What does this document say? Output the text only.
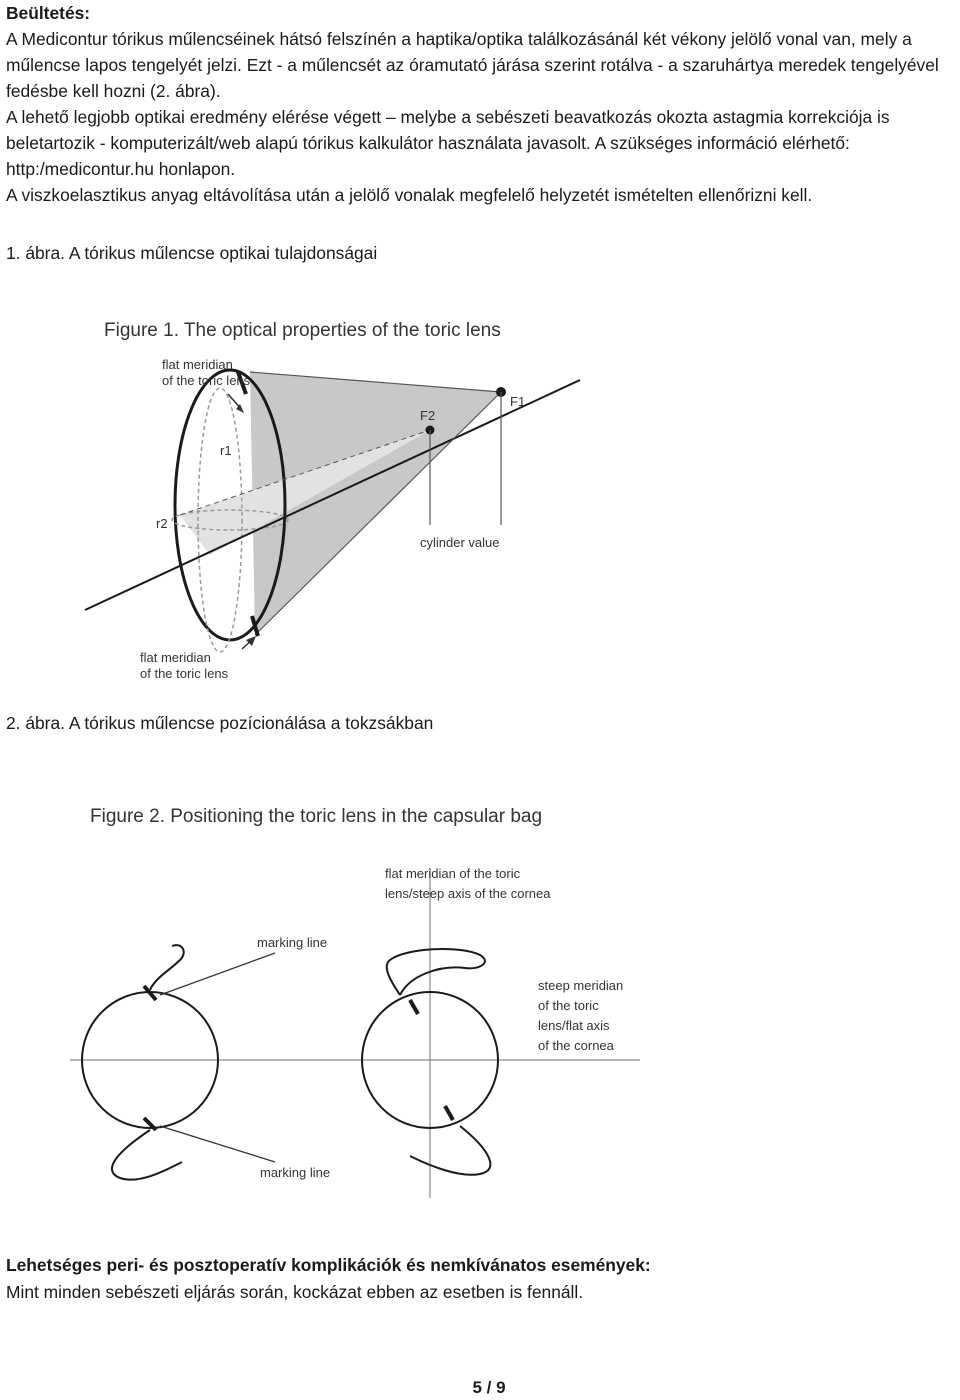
Beültetés:

A Medicontur tórikus műlencséinek hátsó felszínén a haptika/optika találkozásánál két vékony jelölő vonal van, mely a műlencse lapos tengelyét jelzi. Ezt - a műlencsét az óramutató járása szerint rotálva - a szaruhártya meredek tengelyével fedésbe kell hozni (2. ábra).

A lehető legjobb optikai eredmény elérése végett – melybe a sebészeti beavatkozás okozta astagmia korrekciója is beletartozik - komputerizált/web alapú tórikus kalkulátor használata javasolt. A szükséges információ elérhető: http:/medicontur.hu honlapon.

A viszkoelasztikus anyag eltávolítása után a jelölő vonalak megfelelő helyzetét ismételten ellenőrizni kell.

1. ábra. A tórikus műlencse optikai tulajdonságai
Figure 1. The optical properties of the toric lens
F1
F2
cylinder value
r1
r2
flat meridian
of the toric lens
flat meridian
of the toric lens
2. ábra. A tórikus műlencse pozícionálása a tokzsákban
Figure 2. Positioning the toric lens in the capsular bag
flat meridian of the toric
lens/steep axis of the cornea
marking line
marking line
steep meridian
of the toric
lens/flat axis
of the cornea
Lehetséges peri- és posztoperatív komplikációk és nemkívánatos események:
Mint minden sebészeti eljárás során, kockázat ebben az esetben is fennáll.
5 / 9
